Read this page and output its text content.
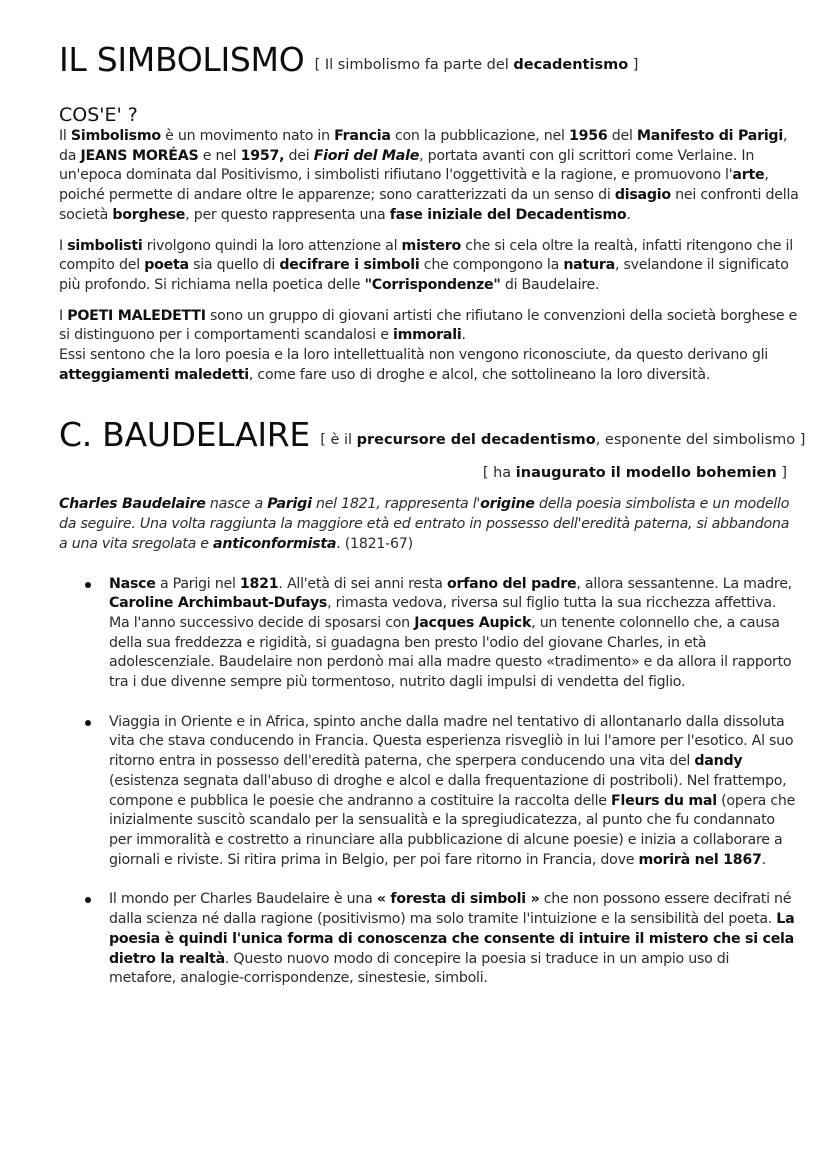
IL SIMBOLISMO [ Il simbolismo fa parte del decadentismo ]
COS'E' ?

Il Simbolismo è un movimento nato in Francia con la pubblicazione, nel 1956 del Manifesto di Parigi, da JEANS MORÉAS e nel 1957, dei Fiori del Male, portata avanti con gli scrittori come Verlaine. In un'epoca dominata dal Positivismo, i simbolisti rifiutano l'oggettività e la ragione, e promuovono l'arte, poiché permette di andare oltre le apparenze; sono caratterizzati da un senso di disagio nei confronti della società borghese, per questo rappresenta una fase iniziale del Decadentismo.

I simbolisti rivolgono quindi la loro attenzione al mistero che si cela oltre la realtà, infatti ritengono che il compito del poeta sia quello di decifrare i simboli che compongono la natura, svelandone il significato più profondo. Si richiama nella poetica delle "Corrispondenze" di Baudelaire.

I POETI MALEDETTI sono un gruppo di giovani artisti che rifiutano le convenzioni della società borghese e si distinguono per i comportamenti scandalosi e immorali.

Essi sentono che la loro poesia e la loro intellettualità non vengono riconosciute, da questo derivano gli atteggiamenti maledetti, come fare uso di droghe e alcol, che sottolineano la loro diversità.

C. BAUDELAIRE [ è il precursore del decadentismo, esponente del simbolismo ]
[ ha inaugurato il modello bohemien ]

Charles Baudelaire nasce a Parigi nel 1821, rappresenta l'origine della poesia simbolista e un modello da seguire. Una volta raggiunta la maggiore età ed entrato in possesso dell'eredità paterna, si abbandona a una vita sregolata e anticonformista. (1821-67)

Nasce a Parigi nel 1821. All'età di sei anni resta orfano del padre, allora sessantenne. La madre, Caroline Archimbaut-Dufays, rimasta vedova, riversa sul figlio tutta la sua ricchezza affettiva. Ma l'anno successivo decide di sposarsi con Jacques Aupick, un tenente colonnello che, a causa della sua freddezza e rigidità, si guadagna ben presto l'odio del giovane Charles, in età adolescenziale. Baudelaire non perdonò mai alla madre questo «tradimento» e da allora il rapporto tra i due divenne sempre più tormentoso, nutrito dagli impulsi di vendetta del figlio.
Viaggia in Oriente e in Africa, spinto anche dalla madre nel tentativo di allontanarlo dalla dissoluta vita che stava conducendo in Francia. Questa esperienza risvegliò in lui l'amore per l'esotico. Al suo ritorno entra in possesso dell'eredità paterna, che sperpera conducendo una vita del dandy (esistenza segnata dall'abuso di droghe e alcol e dalla frequentazione di postriboli). Nel frattempo, compone e pubblica le poesie che andranno a costituire la raccolta delle Fleurs du mal (opera che inizialmente suscitò scandalo per la sensualità e la spregiudicatezza, al punto che fu condannato per immoralità e costretto a rinunciare alla pubblicazione di alcune poesie) e inizia a collaborare a giornali e riviste. Si ritira prima in Belgio, per poi fare ritorno in Francia, dove morirà nel 1867.
Il mondo per Charles Baudelaire è una « foresta di simboli » che non possono essere decifrati né dalla scienza né dalla ragione (positivismo) ma solo tramite l'intuizione e la sensibilità del poeta. La poesia è quindi l'unica forma di conoscenza che consente di intuire il mistero che si cela dietro la realtà. Questo nuovo modo di concepire la poesia si traduce in un ampio uso di metafore, analogie-corrispondenze, sinestesie, simboli.
